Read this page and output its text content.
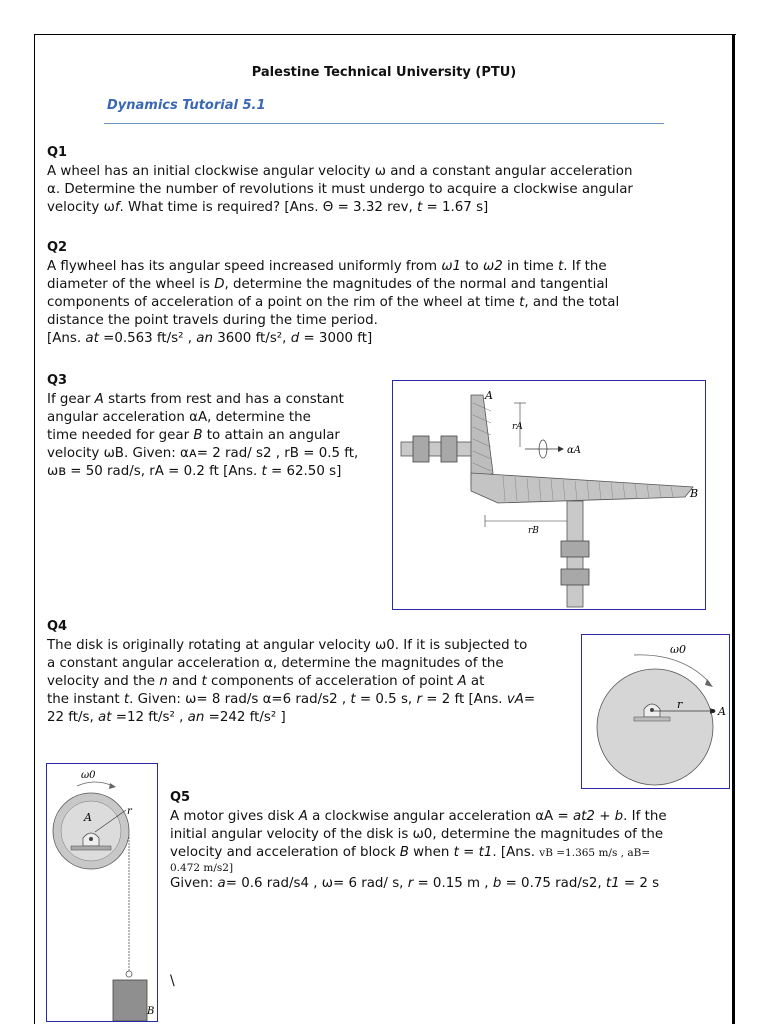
Palestine Technical University (PTU)
Dynamics Tutorial 5.1
Q1
A wheel has an initial clockwise angular velocity ω and a constant angular acceleration
α. Determine the number of revolutions it must undergo to acquire a clockwise angular
velocity ωf. What time is required? [Ans. Θ = 3.32 rev, t = 1.67 s]
Q2
A flywheel has its angular speed increased uniformly from ω1 to ω2 in time t. If the
diameter of the wheel is D, determine the magnitudes of the normal and tangential
components of acceleration of a point on the rim of the wheel at time t, and the total
distance the point travels during the time period.
[Ans. at =0.563 ft/s² , an 3600 ft/s², d = 3000 ft]
Q3
If gear A starts from rest and has a constant
angular acceleration αA, determine the
time needed for gear B to attain an angular
velocity ωB. Given: αᴀ= 2 rad/ s2 , rB = 0.5 ft,
ωʙ = 50 rad/s, rA = 0.2 ft [Ans. t = 62.50 s]
A
rA
αA
B
rB
Q4
The disk is originally rotating at angular velocity ω0. If it is subjected to
a constant angular acceleration α, determine the magnitudes of the
velocity and the n and t components of acceleration of point A at
the instant t. Given: ω= 8 rad/s α=6 rad/s2 , t = 0.5 s, r = 2 ft [Ans. vA=
22 ft/s, at =12 ft/s² , an =242 ft/s² ]
ω0
r
A
Q5
A motor gives disk A a clockwise angular acceleration αA = at2 + b. If the
initial angular velocity of the disk is ω0, determine the magnitudes of the
velocity and acceleration of block B when t = t1. [Ans. vB =1.365 m/s , aB=
0.472 m/s2]
Given: a= 0.6 rad/s4 , ω= 6 rad/ s, r = 0.15 m , b = 0.75 rad/s2, t1 = 2 s
\
ω0
A	r
B
